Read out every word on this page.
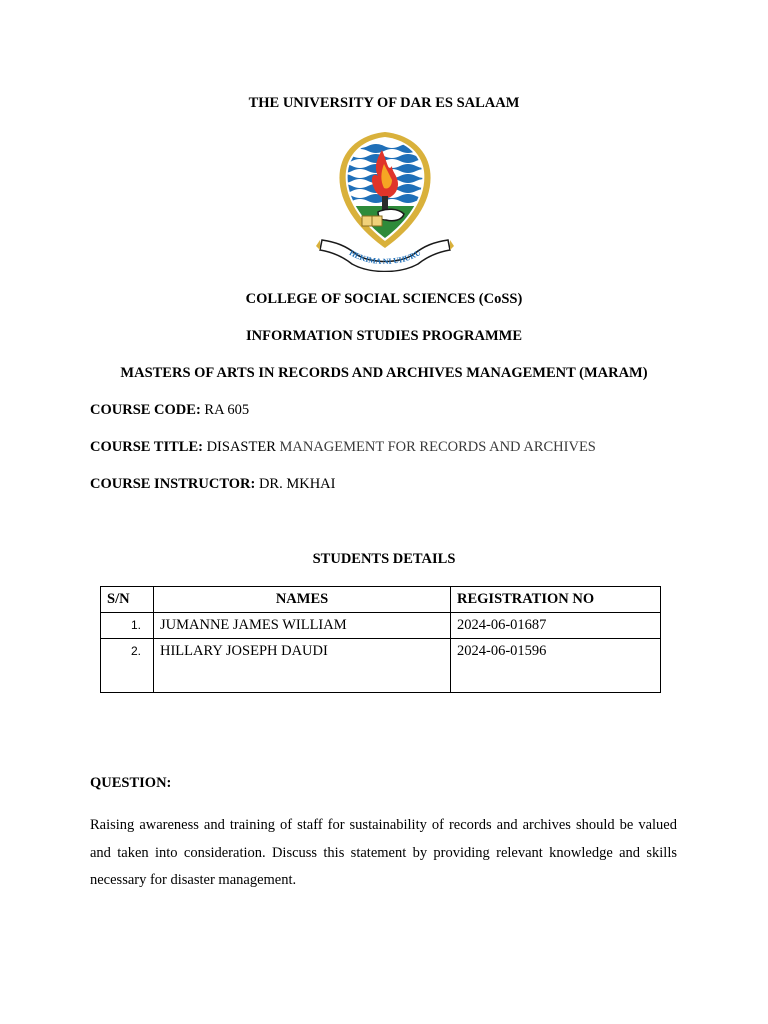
THE UNIVERSITY OF DAR ES SALAAM
HEKIMA NI UHURU
COLLEGE OF SOCIAL SCIENCES (CoSS)
INFORMATION STUDIES PROGRAMME
MASTERS OF ARTS IN RECORDS AND ARCHIVES MANAGEMENT (MARAM)
COURSE CODE: RA 605
COURSE TITLE: DISASTER MANAGEMENT FOR RECORDS AND ARCHIVES
COURSE INSTRUCTOR: DR. MKHAI
STUDENTS DETAILS
S/N	NAMES	REGISTRATION NO
1.	JUMANNE JAMES WILLIAM	2024-06-01687
2.	HILLARY JOSEPH DAUDI	2024-06-01596
QUESTION:
Raising awareness and training of staff for sustainability of records and archives should be valued and taken into consideration. Discuss this statement by providing relevant knowledge and skills necessary for disaster management.
